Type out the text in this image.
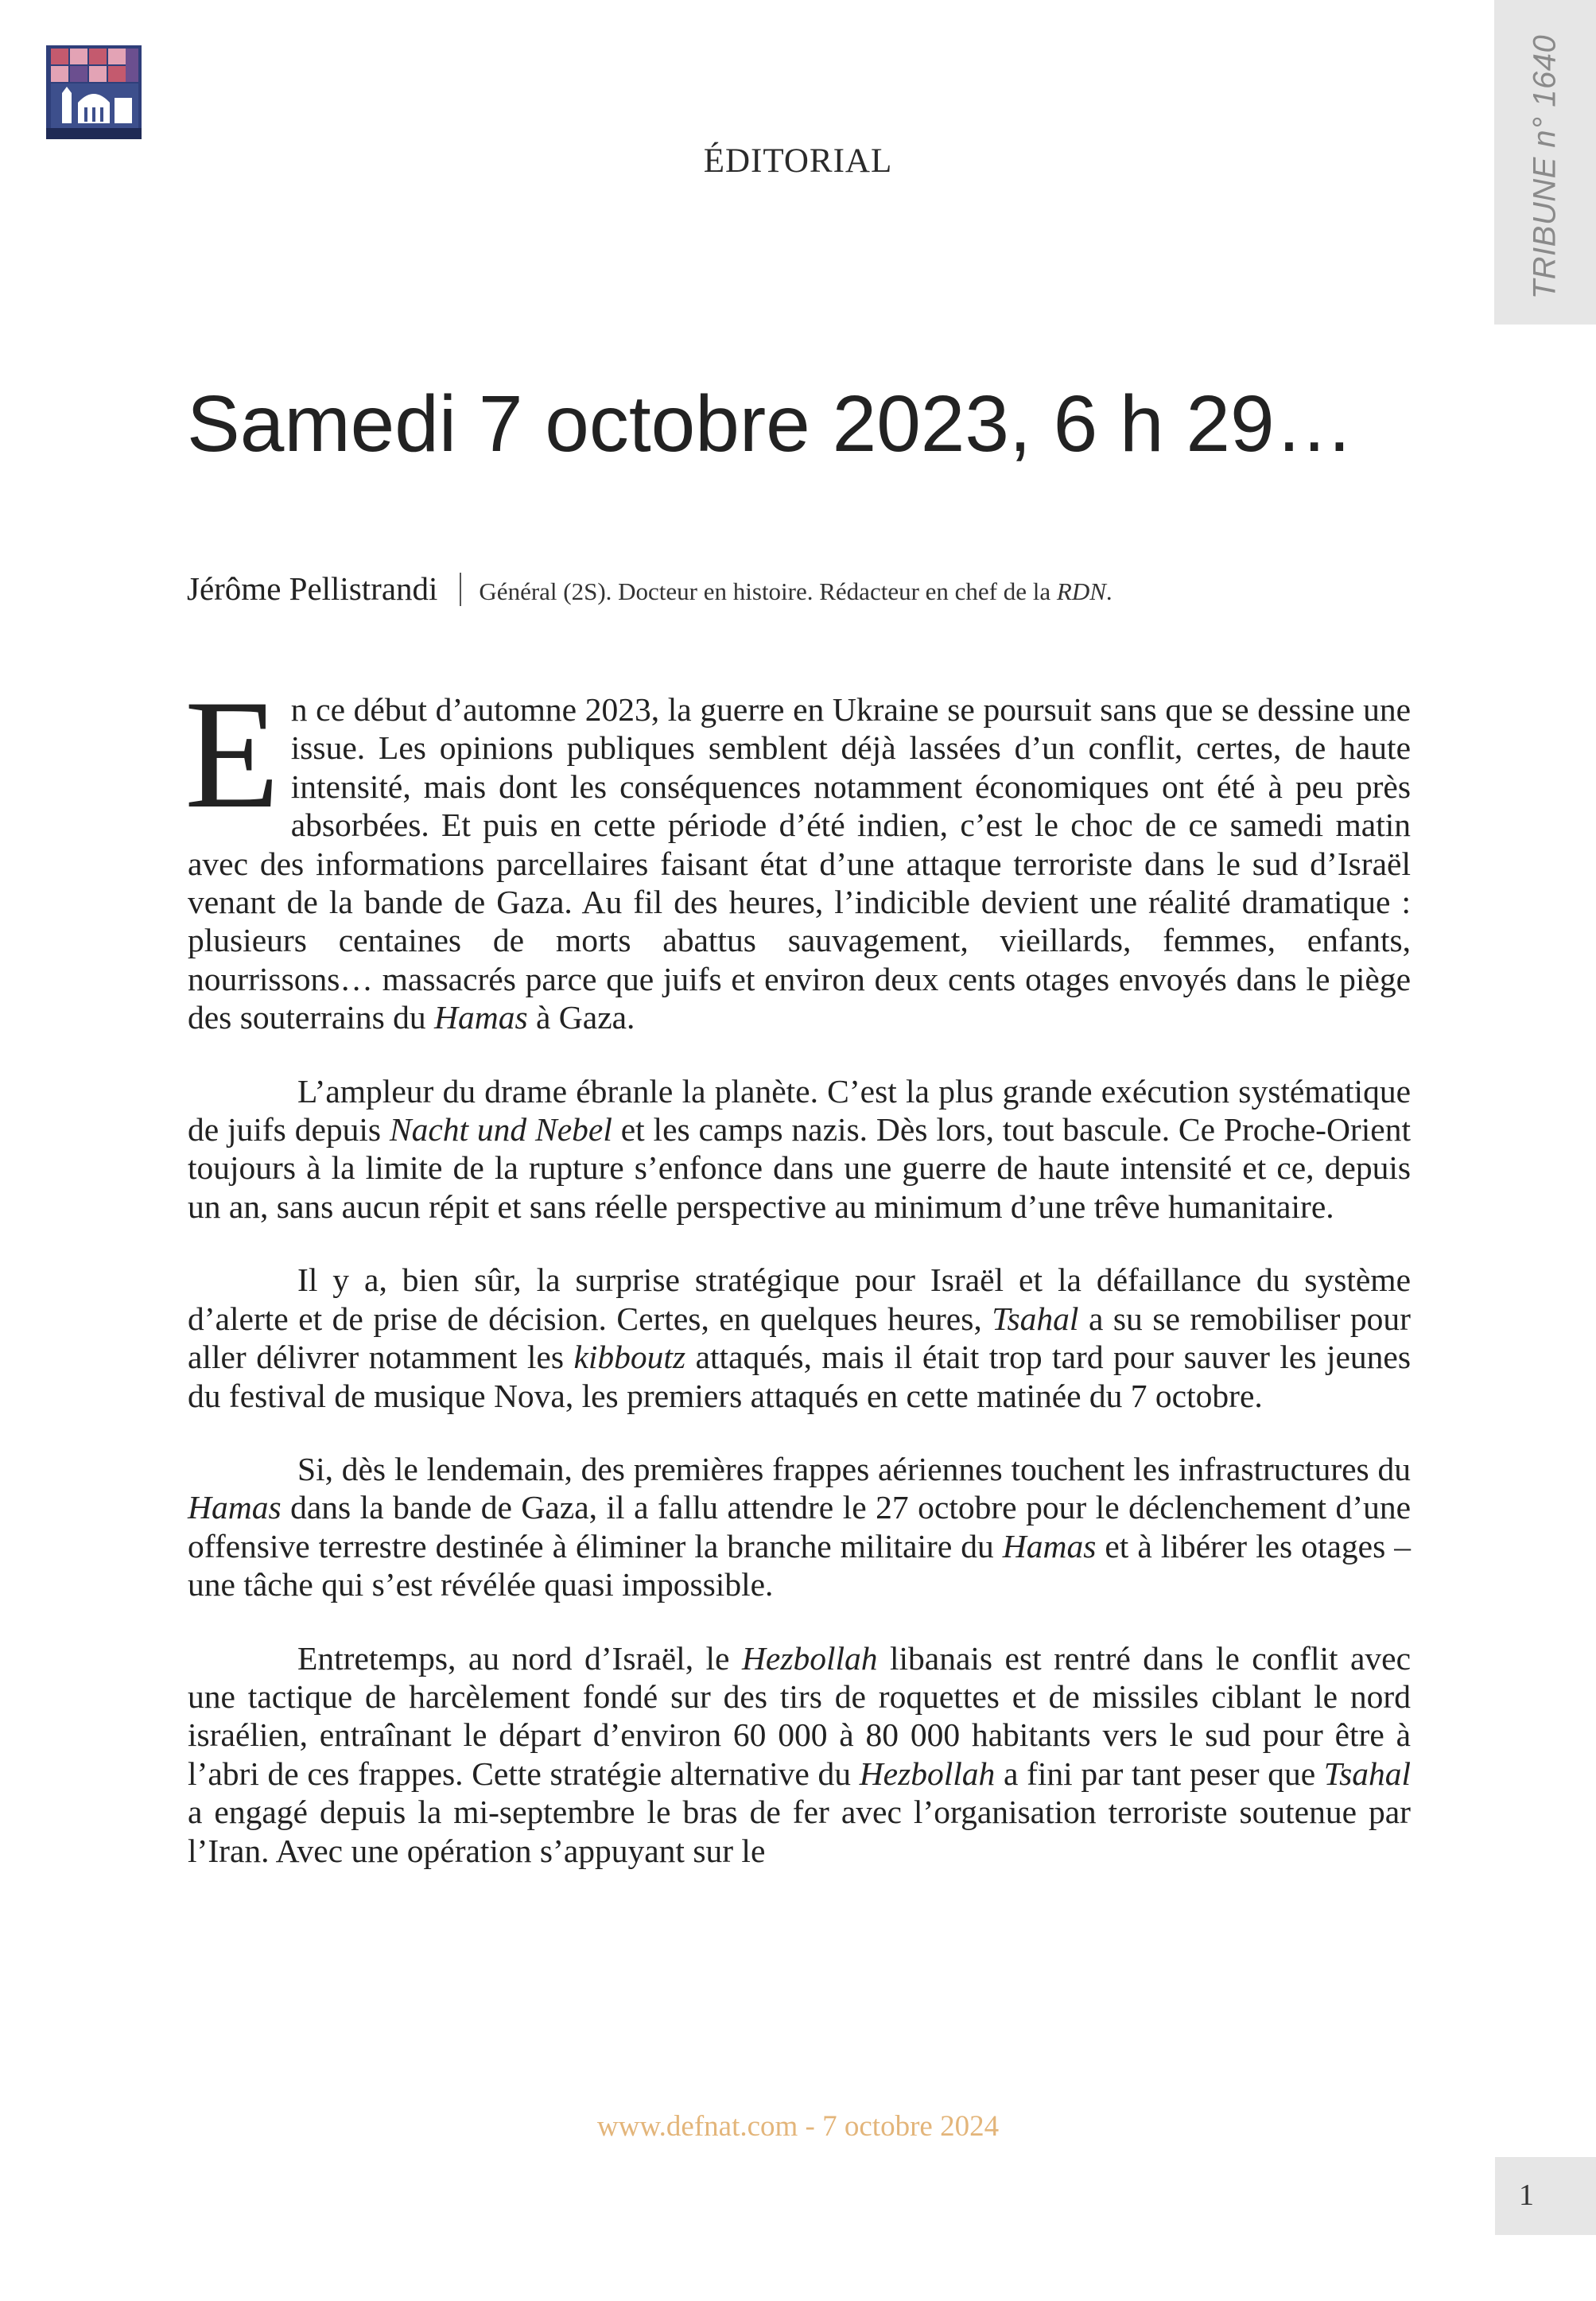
TRIBUNE n° 1640
ÉDITORIAL
Samedi 7 octobre 2023, 6 h 29…
Jérôme Pellistrandi Général (2S). Docteur en histoire. Rédacteur en chef de la RDN.

En ce début d’automne 2023, la guerre en Ukraine se poursuit sans que se dessine une issue. Les opinions publiques semblent déjà lassées d’un conflit, certes, de haute intensité, mais dont les conséquences notamment économiques ont été à peu près absorbées. Et puis en cette période d’été indien, c’est le choc de ce samedi matin avec des informations parcellaires faisant état d’une attaque terroriste dans le sud d’Israël venant de la bande de Gaza. Au fil des heures, l’indicible devient une réalité dramatique : plusieurs centaines de morts abattus sauvagement, vieillards, femmes, enfants, nourrissons… massacrés parce que juifs et environ deux cents otages envoyés dans le piège des souterrains du Hamas à Gaza.

L’ampleur du drame ébranle la planète. C’est la plus grande exécution systématique de juifs depuis Nacht und Nebel et les camps nazis. Dès lors, tout bascule. Ce Proche-Orient toujours à la limite de la rupture s’enfonce dans une guerre de haute intensité et ce, depuis un an, sans aucun répit et sans réelle perspective au minimum d’une trêve humanitaire.

Il y a, bien sûr, la surprise stratégique pour Israël et la défaillance du système d’alerte et de prise de décision. Certes, en quelques heures, Tsahal a su se remobiliser pour aller délivrer notamment les kibboutz attaqués, mais il était trop tard pour sauver les jeunes du festival de musique Nova, les premiers attaqués en cette matinée du 7 octobre.

Si, dès le lendemain, des premières frappes aériennes touchent les infrastructures du Hamas dans la bande de Gaza, il a fallu attendre le 27 octobre pour le déclenchement d’une offensive terrestre destinée à éliminer la branche militaire du Hamas et à libérer les otages – une tâche qui s’est révélée quasi impossible.

Entretemps, au nord d’Israël, le Hezbollah libanais est rentré dans le conflit avec une tactique de harcèlement fondé sur des tirs de roquettes et de missiles ciblant le nord israélien, entraînant le départ d’environ 60 000 à 80 000 habitants vers le sud pour être à l’abri de ces frappes. Cette stratégie alternative du Hezbollah a fini par tant peser que Tsahal a engagé depuis la mi-septembre le bras de fer avec l’organisation terroriste soutenue par l’Iran. Avec une opération s’appuyant sur le

www.defnat.com - 7 octobre 2024
1
